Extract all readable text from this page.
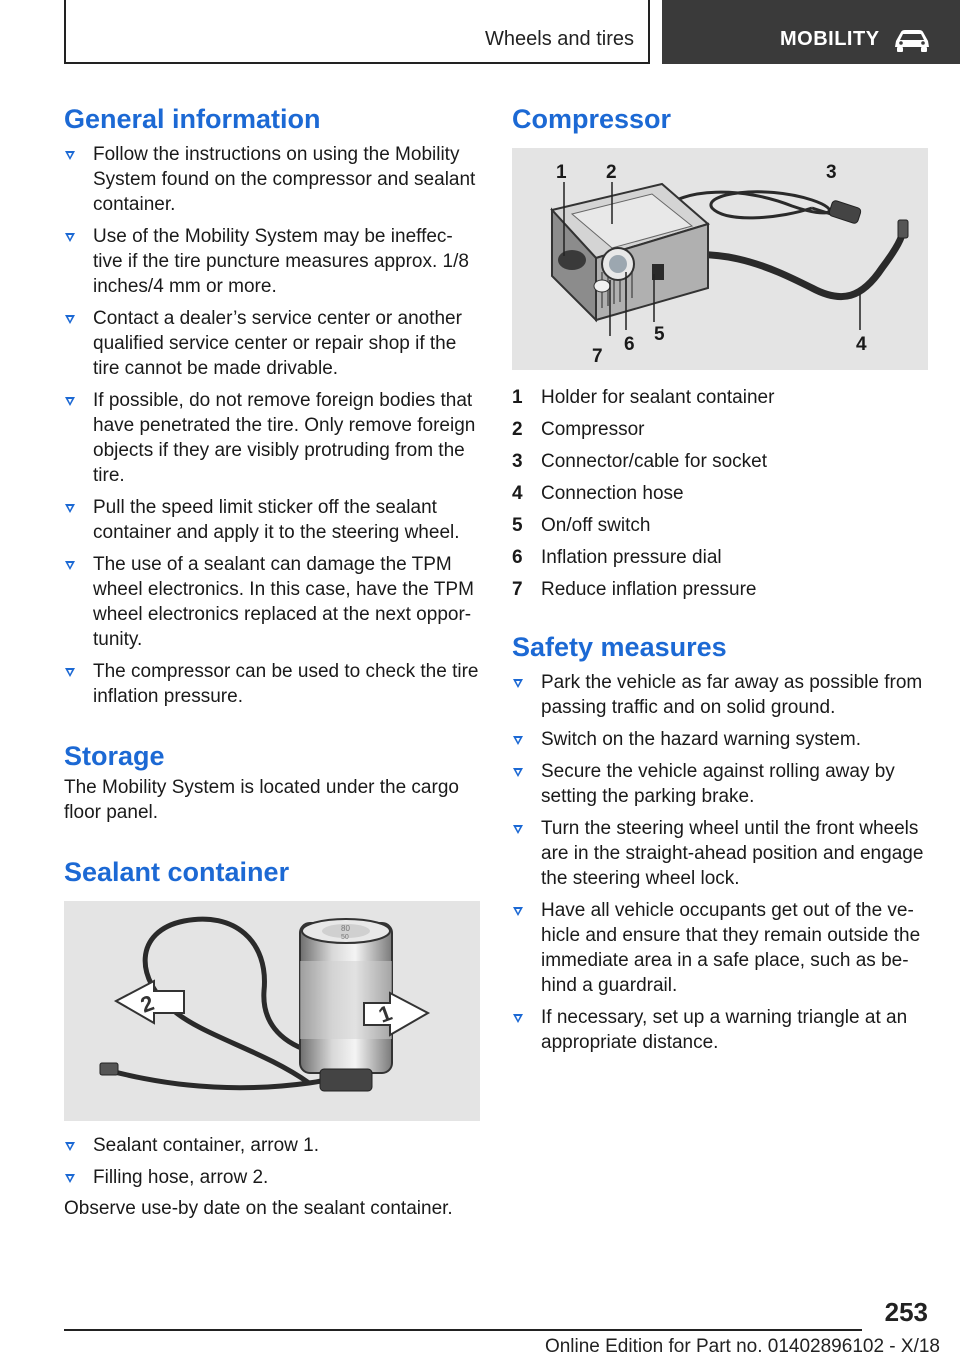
Wheels and tires	MOBILITY
General information
Follow the instructions on using the Mobility System found on the compressor and sealant container.
Use of the Mobility System may be ineffec-tive if the tire puncture measures approx. 1/8 inches/4 mm or more.
Contact a dealer’s service center or another qualified service center or repair shop if the tire cannot be made drivable.
If possible, do not remove foreign bodies that have penetrated the tire. Only remove foreign objects if they are visibly protruding from the tire.
Pull the speed limit sticker off the sealant container and apply it to the steering wheel.
The use of a sealant can damage the TPM wheel electronics. In this case, have the TPM wheel electronics replaced at the next oppor-tunity.
The compressor can be used to check the tire inflation pressure.
Storage

The Mobility System is located under the cargo floor panel.

Sealant container
80
50
2	1
Sealant container, arrow 1.
Filling hose, arrow 2.

Observe use-by date on the sealant container.

Compressor
1 2	3
4
5
6
7
1	Holder for sealant container
2	Compressor
3	Connector/cable for socket
4	Connection hose
5	On/off switch
6	Inflation pressure dial
7	Reduce inflation pressure
Safety measures
Park the vehicle as far away as possible from passing traffic and on solid ground.
Switch on the hazard warning system.
Secure the vehicle against rolling away by setting the parking brake.
Turn the steering wheel until the front wheels are in the straight-ahead position and engage the steering wheel lock.
Have all vehicle occupants get out of the ve-hicle and ensure that they remain outside the immediate area in a safe place, such as be-hind a guardrail.
If necessary, set up a warning triangle at an appropriate distance.
253
Online Edition for Part no. 01402896102 - X/18
